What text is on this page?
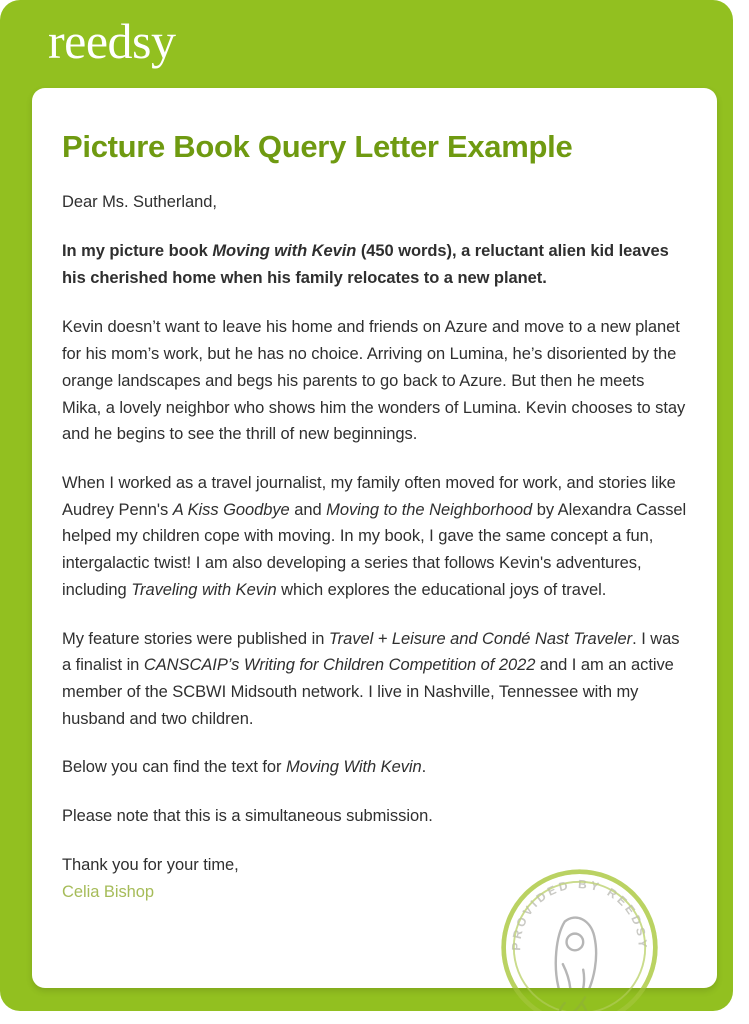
reedsy
PROVIDED BY REEDSY
Picture Book Query Letter Example

Dear Ms. Sutherland,

In my picture book Moving with Kevin (450 words), a reluctant alien kid leaves his cherished home when his family relocates to a new planet.

Kevin doesn’t want to leave his home and friends on Azure and move to a new planet for his mom’s work, but he has no choice. Arriving on Lumina, he’s disoriented by the orange landscapes and begs his parents to go back to Azure. But then he meets Mika, a lovely neighbor who shows him the wonders of Lumina. Kevin chooses to stay and he begins to see the thrill of new beginnings.

When I worked as a travel journalist, my family often moved for work, and stories like Audrey Penn's A Kiss Goodbye and Moving to the Neighborhood by Alexandra Cassel helped my children cope with moving. In my book, I gave the same concept a fun, intergalactic twist! I am also developing a series that follows Kevin's adventures, including Traveling with Kevin which explores the educational joys of travel.

My feature stories were published in Travel + Leisure and Condé Nast Traveler. I was a finalist in CANSCAIP’s Writing for Children Competition of 2022 and I am an active member of the SCBWI Midsouth network. I live in Nashville, Tennessee with my husband and two children.

Below you can find the text for Moving With Kevin.

Please note that this is a simultaneous submission.

Thank you for your time,

Celia Bishop
